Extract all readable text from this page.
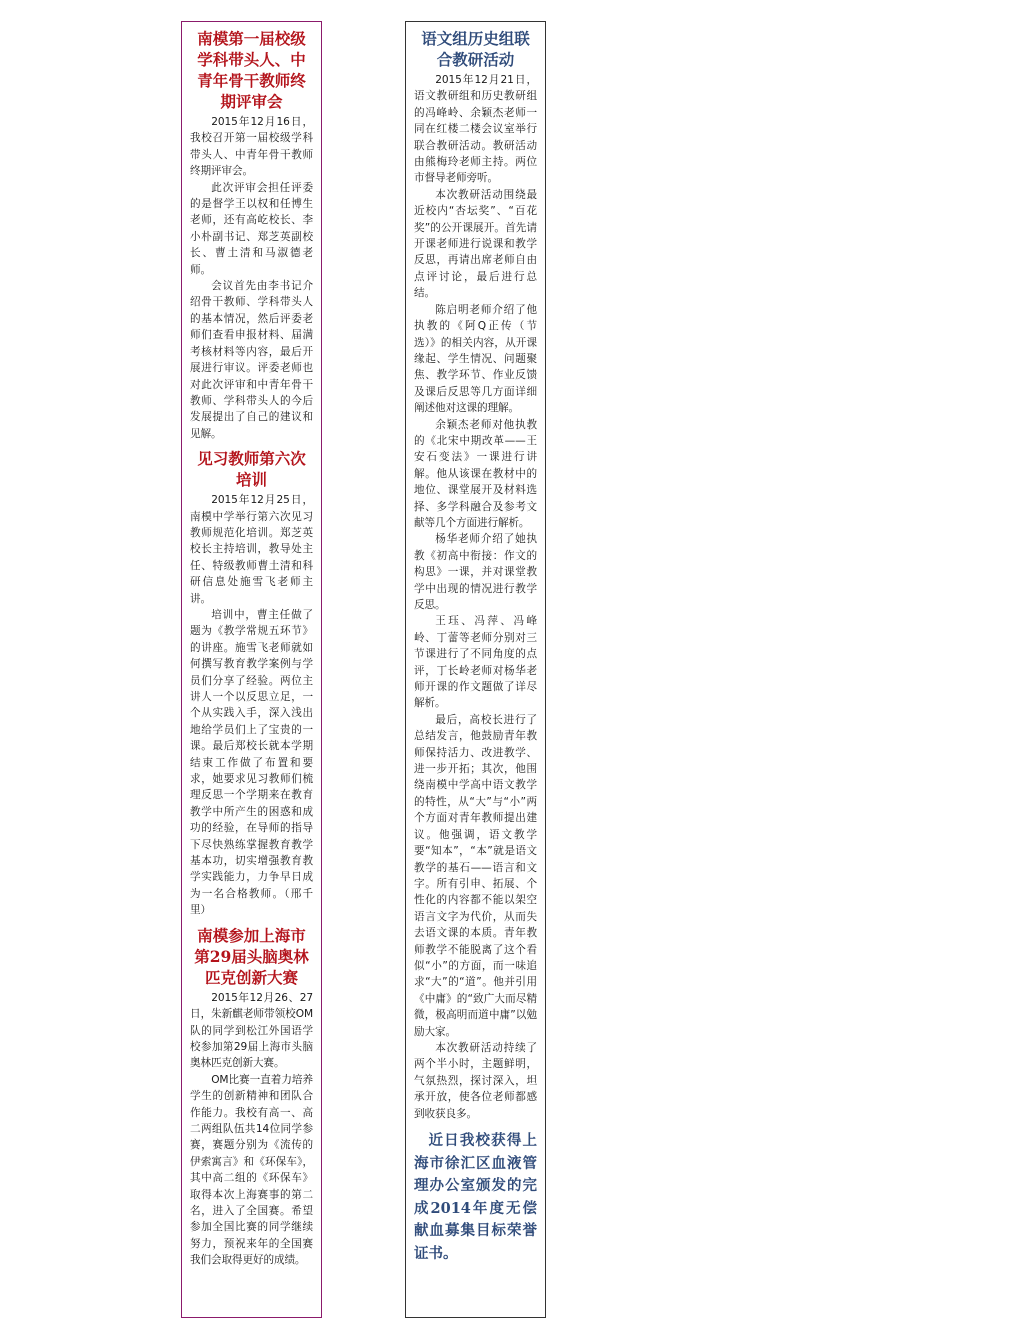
南模第一届校级学科带头人、中青年骨干教师终期评审会

2015年12月16日，我校召开第一届校级学科带头人、中青年骨干教师终期评审会。

此次评审会担任评委的是督学王以权和任博生老师，还有高屹校长、李小朴副书记、郑芝英副校长、曹土清和马淑德老师。

会议首先由李书记介绍骨干教师、学科带头人的基本情况，然后评委老师们查看申报材料、届满考核材料等内容，最后开展进行审议。评委老师也对此次评审和中青年骨干教师、学科带头人的今后发展提出了自己的建议和见解。

见习教师第六次培训

2015年12月25日，南模中学举行第六次见习教师规范化培训。郑芝英校长主持培训，教导处主任、特级教师曹土清和科研信息处施雪飞老师主讲。

培训中，曹主任做了题为《教学常规五环节》的讲座。施雪飞老师就如何撰写教育教学案例与学员们分享了经验。两位主讲人一个以反思立足，一个从实践入手，深入浅出地给学员们上了宝贵的一课。最后郑校长就本学期结束工作做了布置和要求，她要求见习教师们梳理反思一个学期来在教育教学中所产生的困惑和成功的经验，在导师的指导下尽快熟练掌握教育教学基本功，切实增强教育教学实践能力，力争早日成为一名合格教师。（邢千里）

南模参加上海市第29届头脑奥林匹克创新大赛

2015年12月26、27日，朱新麒老师带领校OM队的同学到松江外国语学校参加第29届上海市头脑奥林匹克创新大赛。

OM比赛一直着力培养学生的创新精神和团队合作能力。我校有高一、高二两组队伍共14位同学参赛，赛题分别为《流传的伊索寓言》和《环保车》，其中高二组的《环保车》取得本次上海赛事的第二名，进入了全国赛。希望参加全国比赛的同学继续努力，预祝来年的全国赛我们会取得更好的成绩。

语文组历史组联合教研活动

2015年12月21日，语文教研组和历史教研组的冯峰岭、余颖杰老师一同在红楼二楼会议室举行联合教研活动。教研活动由熊梅玲老师主持。两位市督导老师旁听。

本次教研活动围绕最近校内“杏坛奖”、“百花奖”的公开课展开。首先请开课老师进行说课和教学反思，再请出席老师自由点评讨论，最后进行总结。

陈启明老师介绍了他执教的《阿Q正传（节选）》的相关内容，从开课缘起、学生情况、问题聚焦、教学环节、作业反馈及课后反思等几方面详细阐述他对这课的理解。

余颖杰老师对他执教的《北宋中期改革——王安石变法》一课进行讲解。他从该课在教材中的地位、课堂展开及材料选择、多学科融合及参考文献等几个方面进行解析。

杨华老师介绍了她执教《初高中衔接：作文的构思》一课，并对课堂教学中出现的情况进行教学反思。

王珏、冯萍、冯峰岭、丁蕾等老师分别对三节课进行了不同角度的点评，丁长岭老师对杨华老师开课的作文题做了详尽解析。

最后，高校长进行了总结发言，他鼓励青年教师保持活力、改进教学、进一步开拓；其次，他围绕南模中学高中语文教学的特性，从“大”与“小”两个方面对青年教师提出建议。他强调，语文教学要“知本”，“本”就是语文教学的基石——语言和文字。所有引申、拓展、个性化的内容都不能以架空语言文字为代价，从而失去语文课的本质。青年教师教学不能脱离了这个看似“小”的方面，而一味追求“大”的“道”。他并引用《中庸》的“致广大而尽精微，极高明而道中庸”以勉励大家。

本次教研活动持续了两个半小时，主题鲜明，气氛热烈，探讨深入，坦承开放，使各位老师都感到收获良多。

近日我校获得上海市徐汇区血液管理办公室颁发的完成2014年度无偿献血募集目标荣誉证书。
